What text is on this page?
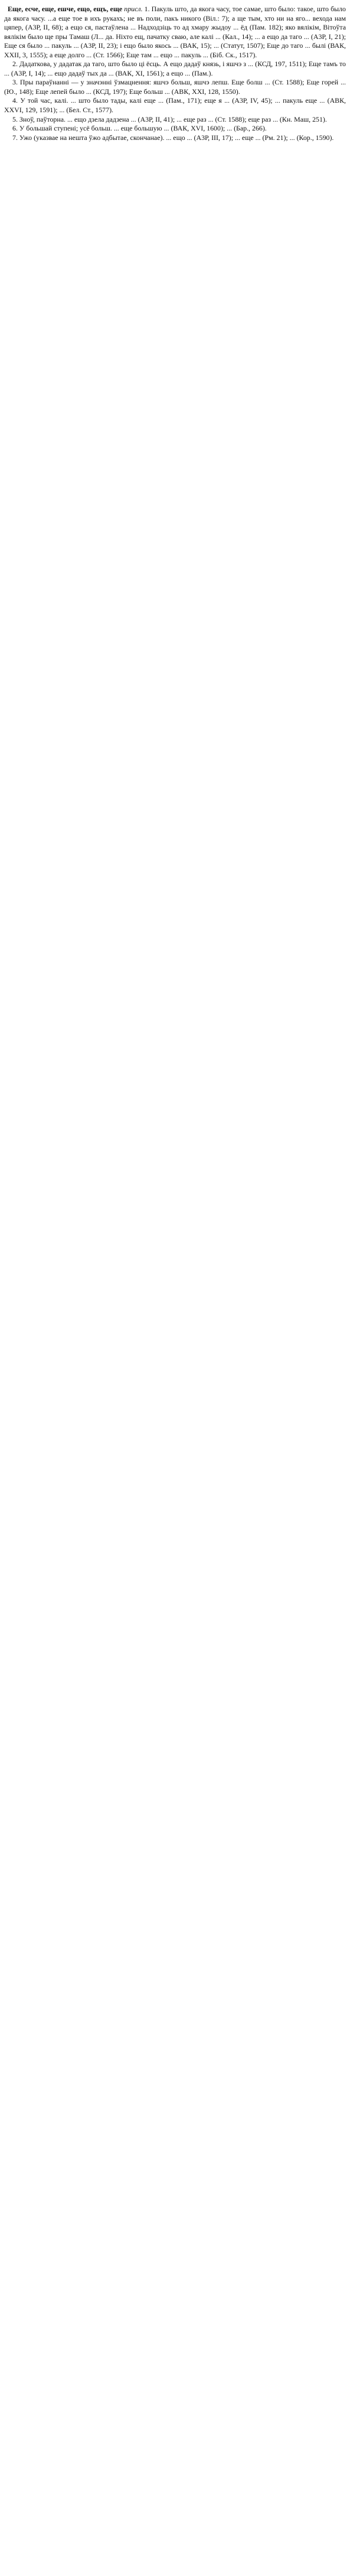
Еще, есче, еще, ешче, ещо, ещъ, еще присл. 1. Пакуль што, да якога часу, тое самае, што было: такое, што было да якога часу. ...а еще тое в ихъ рукахъ; не въ поли, пакъ никого (Віл.: 7); а ще тым, хто ни на яго... вехода нам цяпер, (А3Р, ІІ, 68); а ещо ся, пастаўлена ... Надходзіць то ад хмару жыдоу ... ёд (Пам. 182); яко вялікім, Вітоўта вялікім было ще пры Тамаш (Л... да. Ніхто ещ, пачатку сваю, але калі ... (Кал., 14); ... а ещо да таго ... (А3Р, І, 21); Еще ся было ... пакуль ... (А3Р, ІІ, 23); і ещо было якось ... (ВАК, 15); ... (Статут, 1507); Еще до таго ... былі (ВАК, ХХІІ, 3, 1555); а еще долго ... (Ст. 1566); Еще там ... ещо ... пакуль ... (Біб. Ск., 1517).

2. Дадаткова, у дадатак да таго, што было ці ёсць. А ещо дадаў князь, і яшчэ з ... (КСД, 197, 1511); Еще тамъ то ... (А3Р, І, 14); ... ещо дадаў тых да ... (ВАК, ХІ, 1561); а ещо ... (Пам.).

3. Пры параўнанні — у значэнні ўзмацнення: яшчэ больш, яшчэ лепш. Еще болш ... (Ст. 1588); Еще горей ... (Ю., 148); Еще лепей было ... (КСД, 197); Еще больш ... (АВК, ХХІ, 128, 1550).

4. У той час, калі. ... што было тады, калі еще ... (Пам., 171); еще я ... (А3Р, ІV, 45); ... пакуль еще ... (АВК, ХХVІ, 129, 1591); ... (Бел. Ст., 1577).

5. Зноў, паўторна. ... ещо дзела дадзена ... (А3Р, ІІ, 41); ... еще раз ... (Ст. 1588); еще раз ... (Кн. Маш, 251).

6. У большай ступені; усё больш. ... еще большую ... (ВАК, ХVІ, 1600); ... (Бар., 266).

7. Ужо (указвае на нешта ўжо адбытае, скончанае). ... ещо ... (А3Р, ІІІ, 17); ... еще ... (Рм. 21); ... (Кор., 1590).
